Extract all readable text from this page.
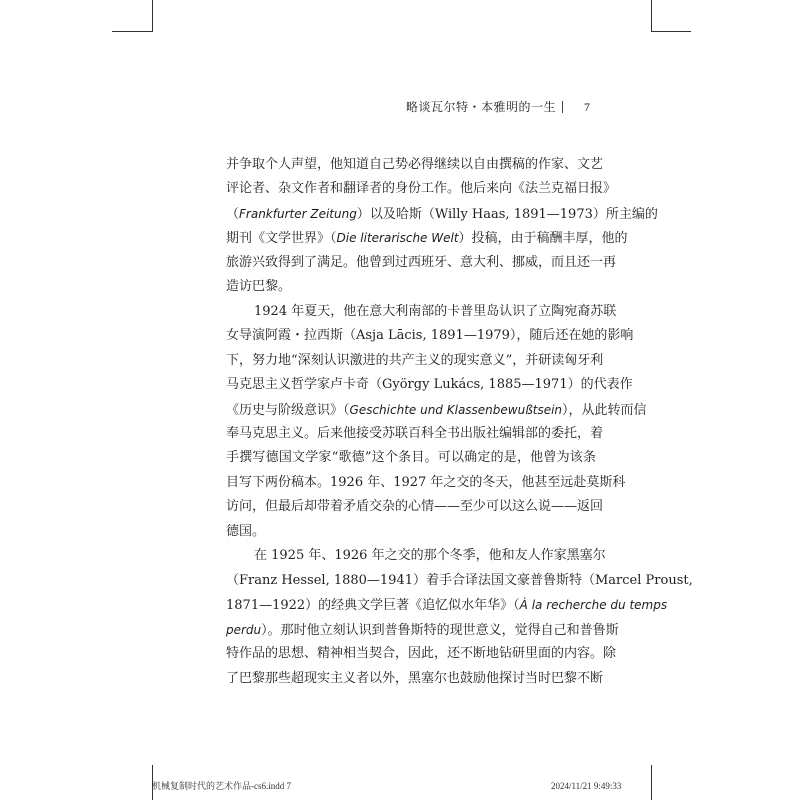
略谈瓦尔特・本雅明的一生 7
并争取个人声望，他知道自己势必得继续以自由撰稿的作家、文艺
评论者、杂文作者和翻译者的身份工作。他后来向《法兰克福日报》
（Frankfurter Zeitung）以及哈斯（Willy Haas, 1891—1973）所主编的
期刊《文学世界》（Die literarische Welt）投稿，由于稿酬丰厚，他的
旅游兴致得到了满足。他曾到过西班牙、意大利、挪威，而且还一再
造访巴黎。
1924 年夏天，他在意大利南部的卡普里岛认识了立陶宛裔苏联
女导演阿霞・拉西斯（Asja Lācis, 1891—1979），随后还在她的影响
下，努力地“深刻认识激进的共产主义的现实意义”，并研读匈牙利
马克思主义哲学家卢卡奇（György Lukács, 1885—1971）的代表作
《历史与阶级意识》（Geschichte und Klassenbewußtsein），从此转而信
奉马克思主义。后来他接受苏联百科全书出版社编辑部的委托，着
手撰写德国文学家“歌德”这个条目。可以确定的是，他曾为该条
目写下两份稿本。1926 年、1927 年之交的冬天，他甚至远赴莫斯科
访问，但最后却带着矛盾交杂的心情——至少可以这么说——返回
德国。
在 1925 年、1926 年之交的那个冬季，他和友人作家黑塞尔
（Franz Hessel, 1880—1941）着手合译法国文豪普鲁斯特（Marcel Proust,
1871—1922）的经典文学巨著《追忆似水年华》（À la recherche du temps
perdu）。那时他立刻认识到普鲁斯特的现世意义，觉得自己和普鲁斯
特作品的思想、精神相当契合，因此，还不断地钻研里面的内容。除
了巴黎那些超现实主义者以外，黑塞尔也鼓励他探讨当时巴黎不断
机械复制时代的艺术作品-cs6.indd 7	2024/11/21 9:49:33
